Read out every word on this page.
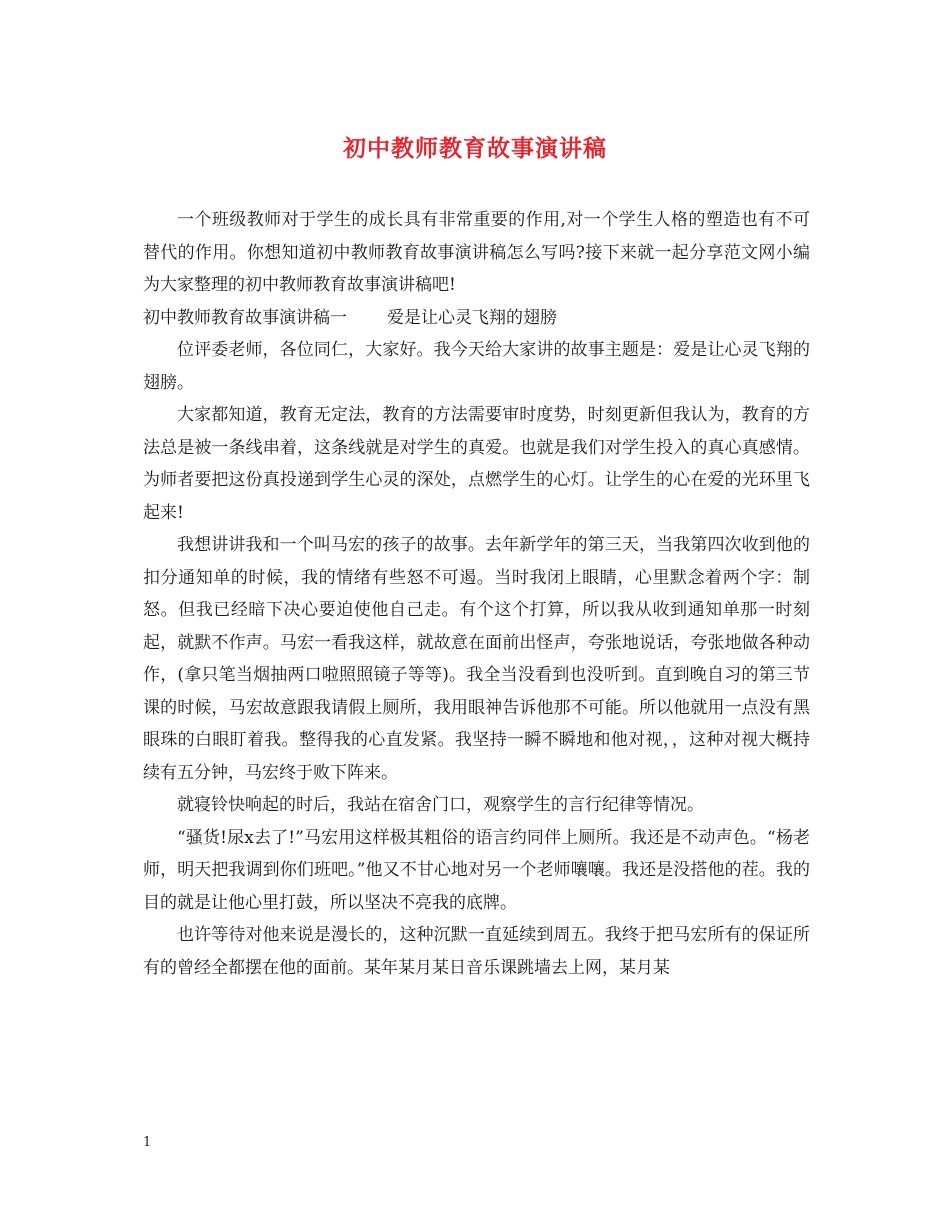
初中教师教育故事演讲稿

一个班级教师对于学生的成长具有非常重要的作用,对一个学生人格的塑造也有不可替代的作用。你想知道初中教师教育故事演讲稿怎么写吗?接下来就一起分享范文网小编为大家整理的初中教师教育故事演讲稿吧!

初中教师教育故事演讲稿一 爱是让心灵飞翔的翅膀

位评委老师，各位同仁，大家好。我今天给大家讲的故事主题是：爱是让心灵飞翔的翅膀。

大家都知道，教育无定法，教育的方法需要审时度势，时刻更新但我认为，教育的方法总是被一条线串着，这条线就是对学生的真爱。也就是我们对学生投入的真心真感情。为师者要把这份真投递到学生心灵的深处，点燃学生的心灯。让学生的心在爱的光环里飞起来!

我想讲讲我和一个叫马宏的孩子的故事。去年新学年的第三天，当我第四次收到他的扣分通知单的时候，我的情绪有些怒不可遏。当时我闭上眼睛，心里默念着两个字：制怒。但我已经暗下决心要迫使他自己走。有个这个打算，所以我从收到通知单那一时刻起，就默不作声。马宏一看我这样，就故意在面前出怪声，夸张地说话，夸张地做各种动作，(拿只笔当烟抽两口啦照照镜子等等)。我全当没看到也没听到。直到晚自习的第三节课的时候，马宏故意跟我请假上厕所，我用眼神告诉他那不可能。所以他就用一点没有黑眼珠的白眼盯着我。整得我的心直发紧。我坚持一瞬不瞬地和他对视，，这种对视大概持续有五分钟，马宏终于败下阵来。

就寝铃快响起的时后，我站在宿舍门口，观察学生的言行纪律等情况。

“骚货!尿x去了!”马宏用这样极其粗俗的语言约同伴上厕所。我还是不动声色。“杨老师，明天把我调到你们班吧。”他又不甘心地对另一个老师嚷嚷。我还是没搭他的茬。我的目的就是让他心里打鼓，所以坚决不亮我的底牌。

也许等待对他来说是漫长的，这种沉默一直延续到周五。我终于把马宏所有的保证所有的曾经全都摆在他的面前。某年某月某日音乐课跳墙去上网，某月某

1
